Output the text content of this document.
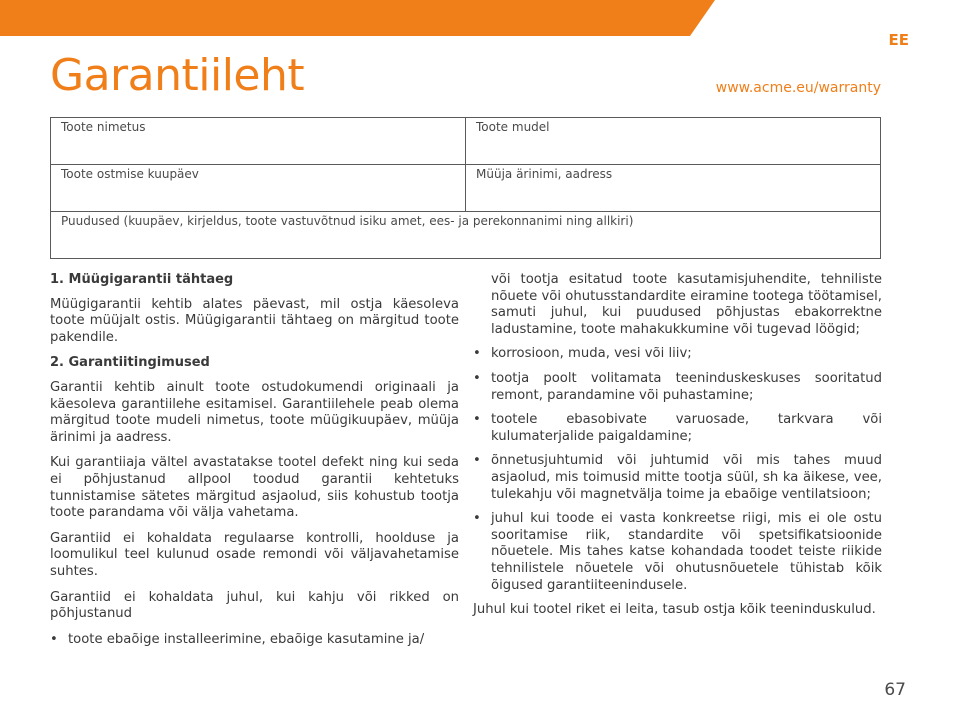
EE
Garantiileht	www.acme.eu/warranty
Toote nimetus	Toote mudel
Toote ostmise kuupäev	Müüja ärinimi, aadress
Puudused (kuupäev, kirjeldus, toote vastuvõtnud isiku amet, ees- ja perekonnanimi ning allkiri)	
1. Müügigarantii tähtaeg

Müügigarantii kehtib alates päevast, mil ostja käesoleva toote müüjalt ostis. Müügigarantii tähtaeg on märgitud toote pakendile.

2. Garantiitingimused

Garantii kehtib ainult toote ostudokumendi originaali ja käesoleva garantiilehe esitamisel. Garantiilehele peab olema märgitud toote mudeli nimetus, toote müügikuupäev, müüja ärinimi ja aadress.

Kui garantiiaja vältel avastatakse tootel defekt ning kui seda ei põhjustanud allpool toodud garantii kehtetuks tunnistamise sätetes märgitud asjaolud, siis kohustub tootja toote parandama või välja vahetama.

Garantiid ei kohaldata regulaarse kontrolli, hoolduse ja loomulikul teel kulunud osade remondi või väljavahetamise suhtes.

Garantiid ei kohaldata juhul, kui kahju või rikked on põhjustanud

• toote ebaõige installeerimine, ebaõige kasutamine ja/
või tootja esitatud toote kasutamisjuhendite, tehniliste nõuete või ohutusstandardite eiramine tootega töötamisel, samuti juhul, kui puudused põhjustas ebakorrektne ladustamine, toote mahakukkumine või tugevad löögid;
• korrosioon, muda, vesi või liiv;
• tootja poolt volitamata teeninduskeskuses sooritatud remont, parandamine või puhastamine;
• tootele ebasobivate varuosade, tarkvara või kulumaterjalide paigaldamine;
• õnnetusjuhtumid või juhtumid või mis tahes muud asjaolud, mis toimusid mitte tootja süül, sh ka äikese, vee, tulekahju või magnetvälja toime ja ebaõige ventilatsioon;
• juhul kui toode ei vasta konkreetse riigi, mis ei ole ostu sooritamise riik, standardite või spetsifikatsioonide nõuetele. Mis tahes katse kohandada toodet teiste riikide tehnilistele nõuetele või ohutusnõuetele tühistab kõik õigused garantiiteenindusele.

Juhul kui tootel riket ei leita, tasub ostja kõik teeninduskulud.

67
